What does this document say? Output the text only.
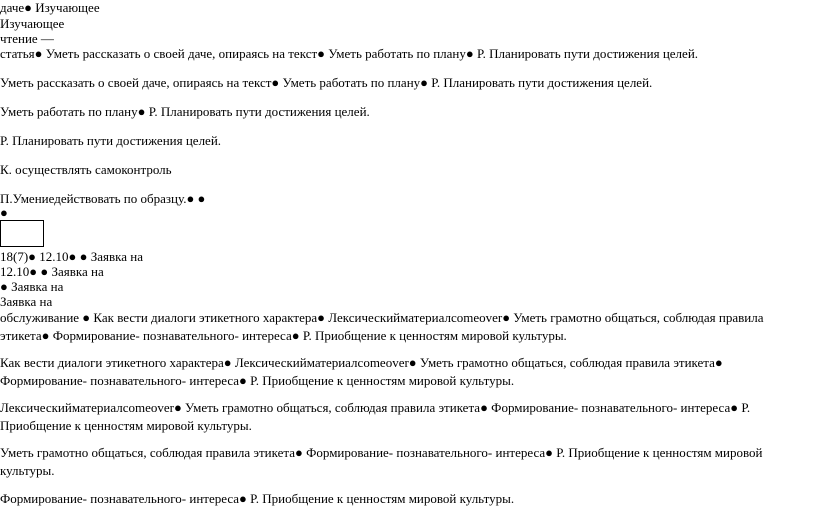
даче● Изучающее
Изучающее
чтение —
статья● Уметь рассказать о своей даче, опираясь на текст● Уметь работать по плану● Р. Планировать пути достижения целей.
Уметь рассказать о своей даче, опираясь на текст● Уметь работать по плану● Р. Планировать пути достижения целей.
Уметь работать по плану● Р. Планировать пути достижения целей.
Р. Планировать пути достижения целей.
К. осуществлять самоконтроль
П.Умениедействовать по образцу.● ●
●
18(7)● 12.10● ● Заявка на
12.10● ● Заявка на
● Заявка на
Заявка на
обслуживание ● Как вести диалоги этикетного характера● Лексическийматериалcomeover● Уметь грамотно общаться, соблюдая правила этикета● Формирование- познавательного- интереса● Р. Приобщение к ценностям мировой культуры.
Как вести диалоги этикетного характера● Лексическийматериалcomeover● Уметь грамотно общаться, соблюдая правила этикета● Формирование- познавательного- интереса● Р. Приобщение к ценностям мировой культуры.
Лексическийматериалcomeover● Уметь грамотно общаться, соблюдая правила этикета● Формирование- познавательного- интереса● Р. Приобщение к ценностям мировой культуры.
Уметь грамотно общаться, соблюдая правила этикета● Формирование- познавательного- интереса● Р. Приобщение к ценностям мировой культуры.
Формирование- познавательного- интереса● Р. Приобщение к ценностям мировой культуры.
